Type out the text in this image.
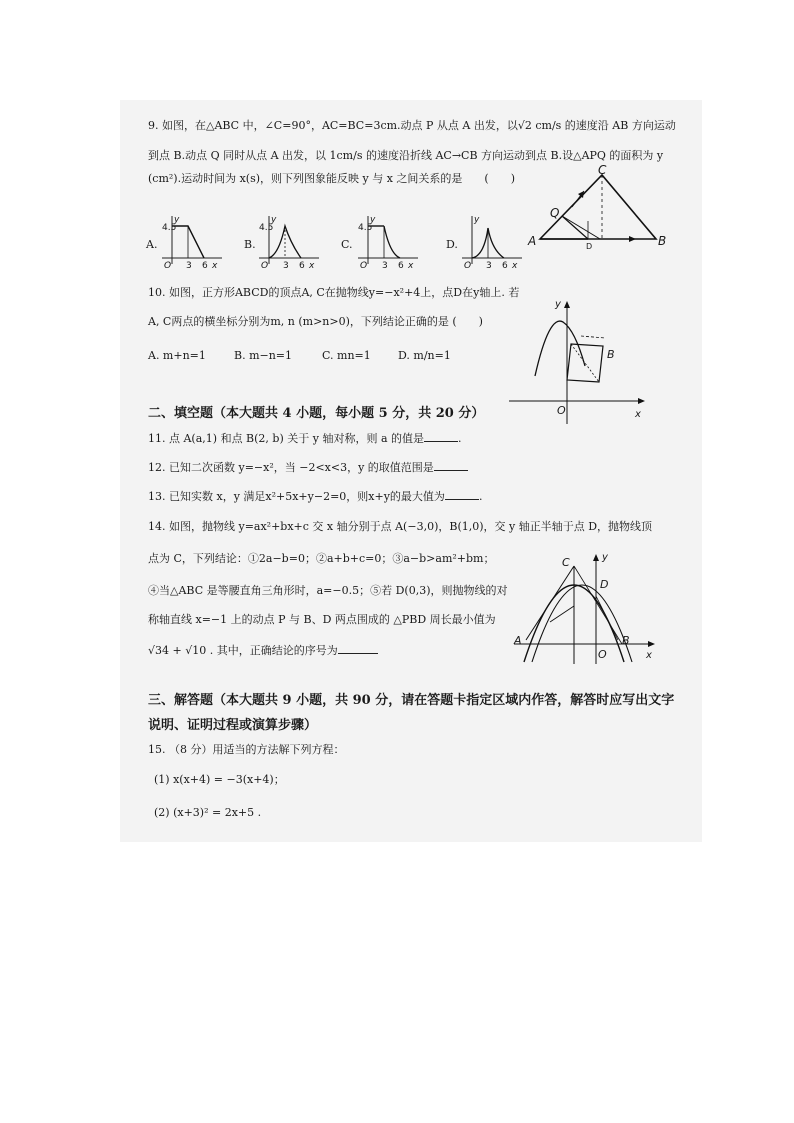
9. 如图，在△ABC 中，∠C=90°，AC=BC=3cm.动点 P 从点 A 出发，以√2 cm/s 的速度沿 AB 方向运动
到点 B.动点 Q 同时从点 A 出发，以 1cm/s 的速度沿折线 AC→CB 方向运动到点 B.设△APQ 的面积为 y
(cm²).运动时间为 x(s)，则下列图象能反映 y 与 x 之间关系的是　　(　　)
A.	B.	C.	D.
4.5
y
O 3 6 x
4.5
y
O 3 6 x
4.5
y
O 3 6 x
y
O 3 6 x
C
A	B
Q
D
10. 如图，正方形ABCD的顶点A, C在抛物线y=−x²+4上，点D在y轴上. 若
A, C两点的横坐标分别为m, n (m>n>0)，下列结论正确的是 (　　)
A. m+n=1	B. m−n=1	C. mn=1 D. m/n=1
y
x
O
B
二、填空题（本大题共 4 小题，每小题 5 分，共 20 分）
11. 点 A(a,1) 和点 B(2, b) 关于 y 轴对称，则 a 的值是	.
12. 已知二次函数 y=−x²，当 −2<x<3，y 的取值范围是
13. 已知实数 x，y 满足x²+5x+y−2=0，则x+y的最大值为	.
14. 如图，抛物线 y=ax²+bx+c 交 x 轴分别于点 A(−3,0)，B(1,0)，交 y 轴正半轴于点 D，抛物线顶
点为 C，下列结论：①2a−b=0；②a+b+c=0；③a−b>am²+bm；
④当△ABC 是等腰直角三角形时，a=−0.5；⑤若 D(0,3)，则抛物线的对
称轴直线 x=−1 上的动点 P 与 B、D 两点围成的 △PBD 周长最小值为
√34 + √10 . 其中，正确结论的序号为
C
D
A	B
O
y
x
三、解答题（本大题共 9 小题，共 90 分，请在答题卡指定区域内作答，解答时应写出文字
说明、证明过程或演算步骤）
15. （8 分）用适当的方法解下列方程：
(1) x(x+4) = −3(x+4)；
(2) (x+3)² = 2x+5 .
